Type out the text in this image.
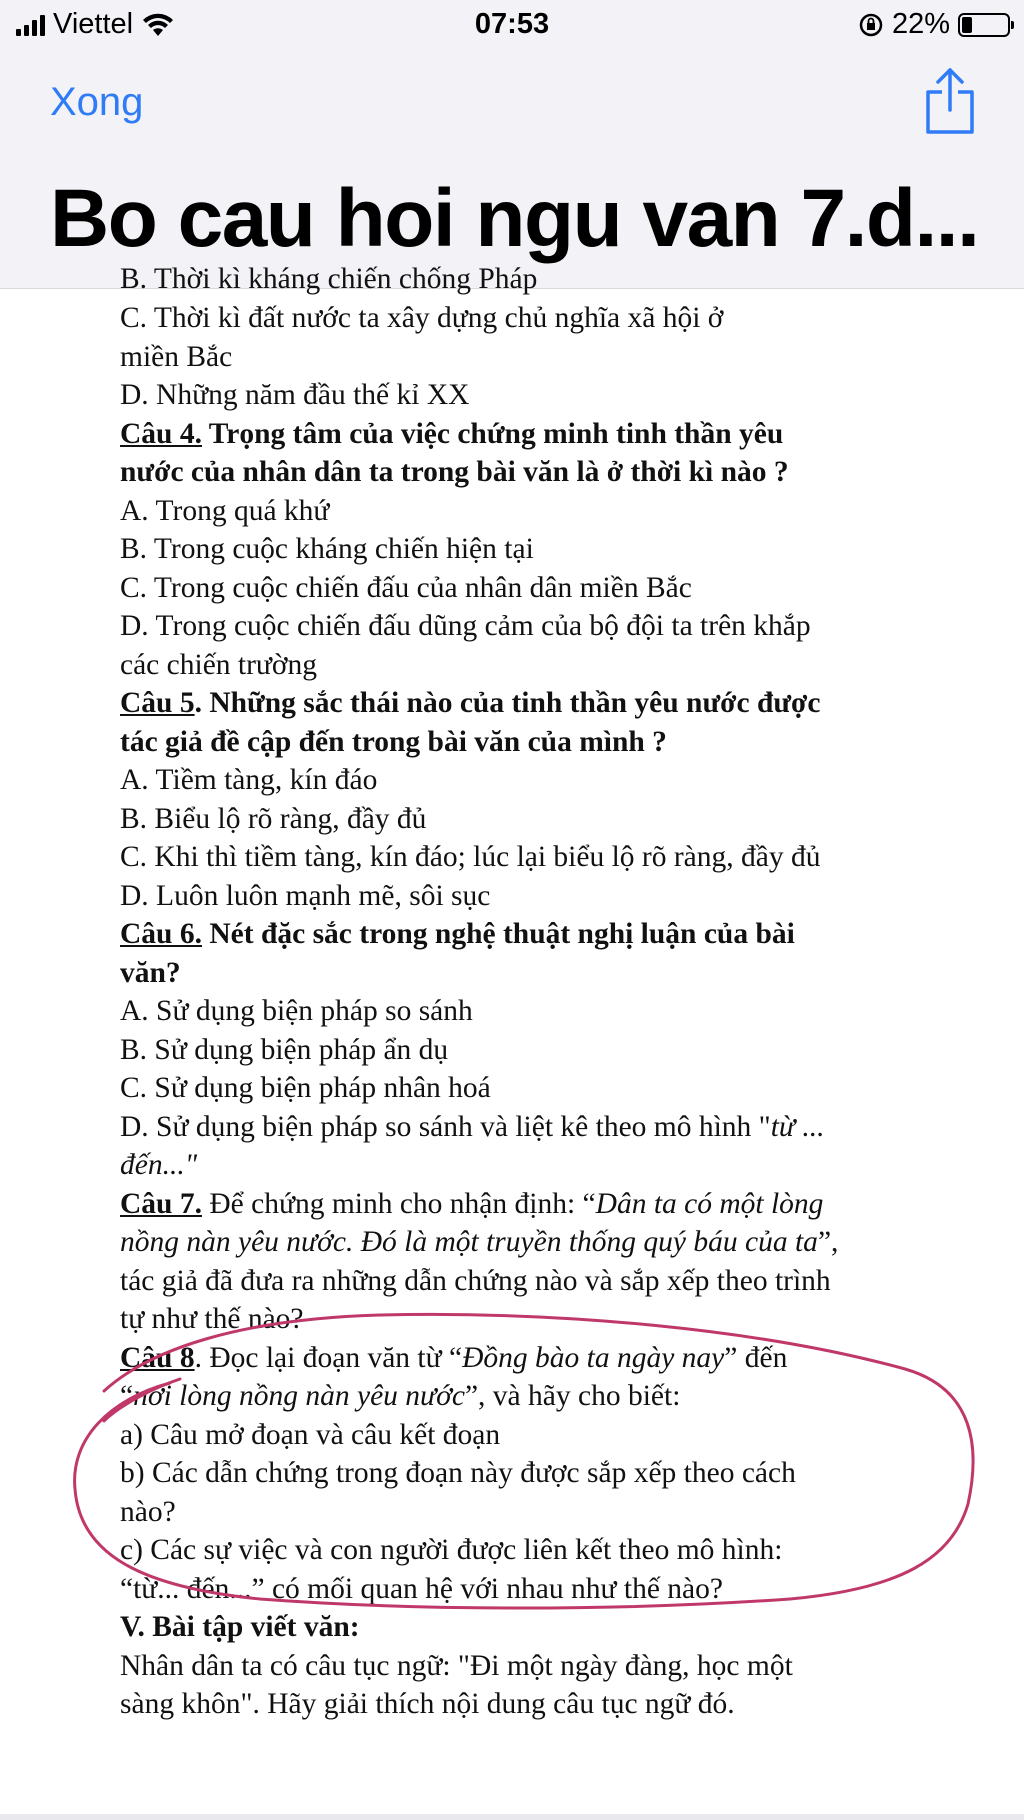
Viettel	07:53	22%
Xong
Bo cau hoi ngu van 7.d...
B. Thời kì kháng chiến chống Pháp
C. Thời kì đất nước ta xây dựng chủ nghĩa xã hội ở
miền Bắc
D. Những năm đầu thế kỉ XX
Câu 4. Trọng tâm của việc chứng minh tinh thần yêu
nước của nhân dân ta trong bài văn là ở thời kì nào ?
A. Trong quá khứ
B. Trong cuộc kháng chiến hiện tại
C. Trong cuộc chiến đấu của nhân dân miền Bắc
D. Trong cuộc chiến đấu dũng cảm của bộ đội ta trên khắp
các chiến trường
Câu 5. Những sắc thái nào của tinh thần yêu nước được
tác giả đề cập đến trong bài văn của mình ?
A. Tiềm tàng, kín đáo
B. Biểu lộ rõ ràng, đầy đủ
C. Khi thì tiềm tàng, kín đáo; lúc lại biểu lộ rõ ràng, đầy đủ
D. Luôn luôn mạnh mẽ, sôi sục
Câu 6. Nét đặc sắc trong nghệ thuật nghị luận của bài
văn?
A. Sử dụng biện pháp so sánh
B. Sử dụng biện pháp ẩn dụ
C. Sử dụng biện pháp nhân hoá
D. Sử dụng biện pháp so sánh và liệt kê theo mô hình "từ ...
đến..."
Câu 7. Để chứng minh cho nhận định: “Dân ta có một lòng
nồng nàn yêu nước. Đó là một truyền thống quý báu của ta”,
tác giả đã đưa ra những dẫn chứng nào và sắp xếp theo trình
tự như thế nào?
Câu 8. Đọc lại đoạn văn từ “Đồng bào ta ngày nay” đến
“nơi lòng nồng nàn yêu nước”, và hãy cho biết:
a) Câu mở đoạn và câu kết đoạn
b) Các dẫn chứng trong đoạn này được sắp xếp theo cách
nào?
c) Các sự việc và con người được liên kết theo mô hình:
“từ... đến...” có mối quan hệ với nhau như thế nào?
V. Bài tập viết văn:
Nhân dân ta có câu tục ngữ: "Đi một ngày đàng, học một
sàng khôn". Hãy giải thích nội dung câu tục ngữ đó.
